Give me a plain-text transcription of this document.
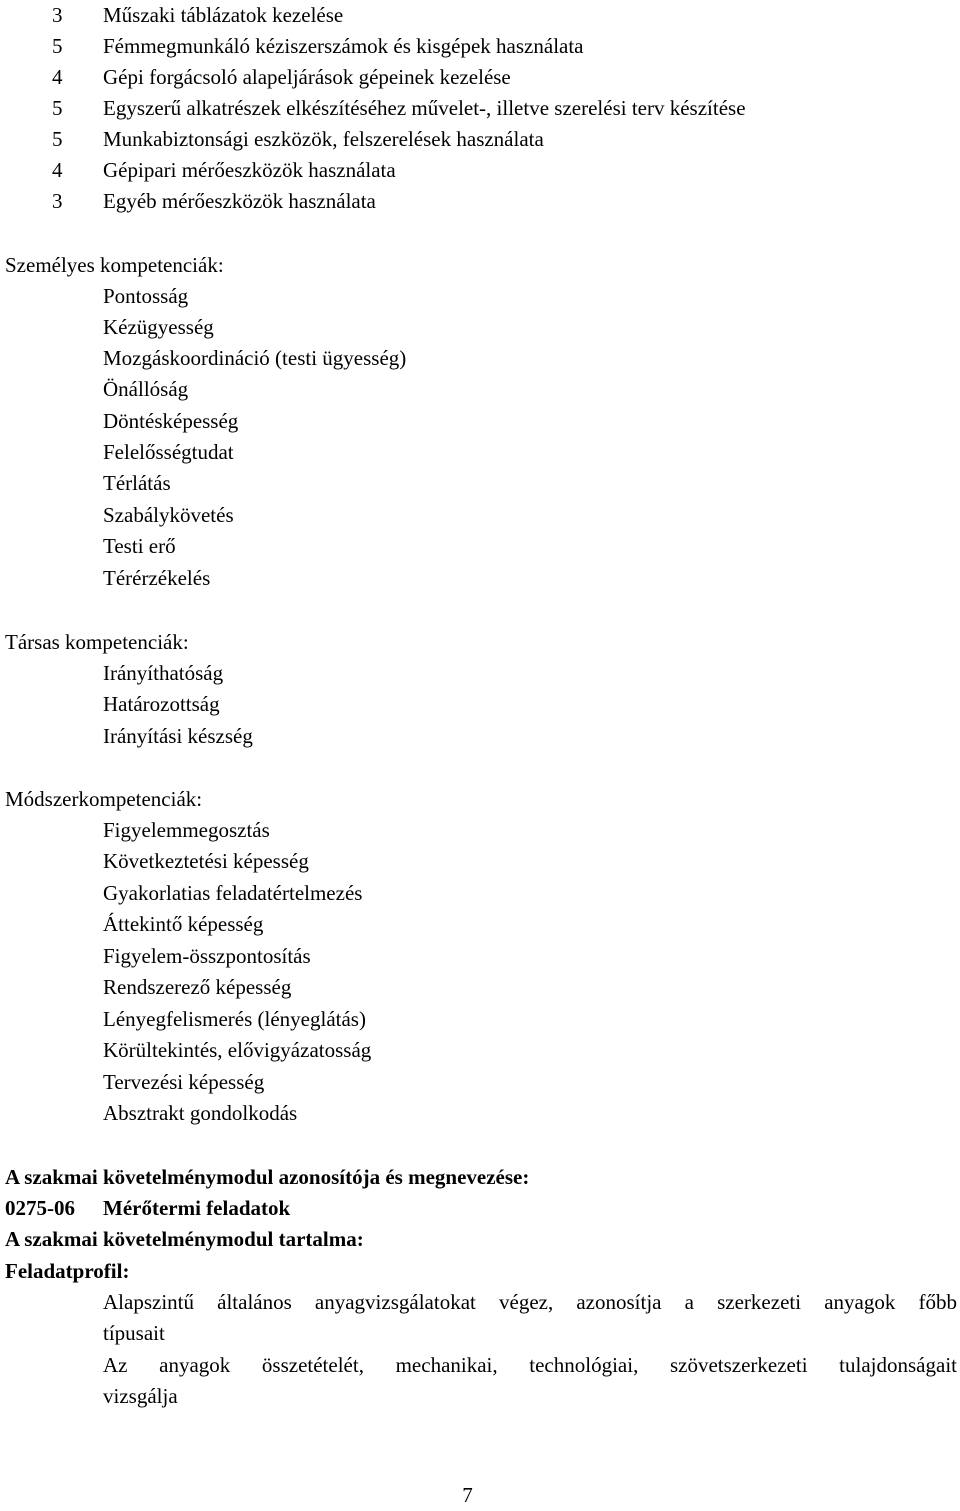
3 Műszaki táblázatok kezelése
5 Fémmegmunkáló kéziszerszámok és kisgépek használata
4 Gépi forgácsoló alapeljárások gépeinek kezelése
5 Egyszerű alkatrészek elkészítéséhez művelet-, illetve szerelési terv készítése
5 Munkabiztonsági eszközök, felszerelések használata
4 Gépipari mérőeszközök használata
3 Egyéb mérőeszközök használata
Személyes kompetenciák:
Pontosság
Kézügyesség
Mozgáskoordináció (testi ügyesség)
Önállóság
Döntésképesség
Felelősségtudat
Térlátás
Szabálykövetés
Testi erő
Térérzékelés
Társas kompetenciák:
Irányíthatóság
Határozottság
Irányítási készség
Módszerkompetenciák:
Figyelemmegosztás
Következtetési képesség
Gyakorlatias feladatértelmezés
Áttekintő képesség
Figyelem-összpontosítás
Rendszerező képesség
Lényegfelismerés (lényeglátás)
Körültekintés, elővigyázatosság
Tervezési képesség
Absztrakt gondolkodás
A szakmai követelménymodul azonosítója és megnevezése:
0275-06 Mérőtermi feladatok
A szakmai követelménymodul tartalma:
Feladatprofil:
Alapszintű általános anyagvizsgálatokat végez, azonosítja a szerkezeti anyagok főbb
típusait
Az anyagok összetételét, mechanikai, technológiai, szövetszerkezeti tulajdonságait
vizsgálja
7
